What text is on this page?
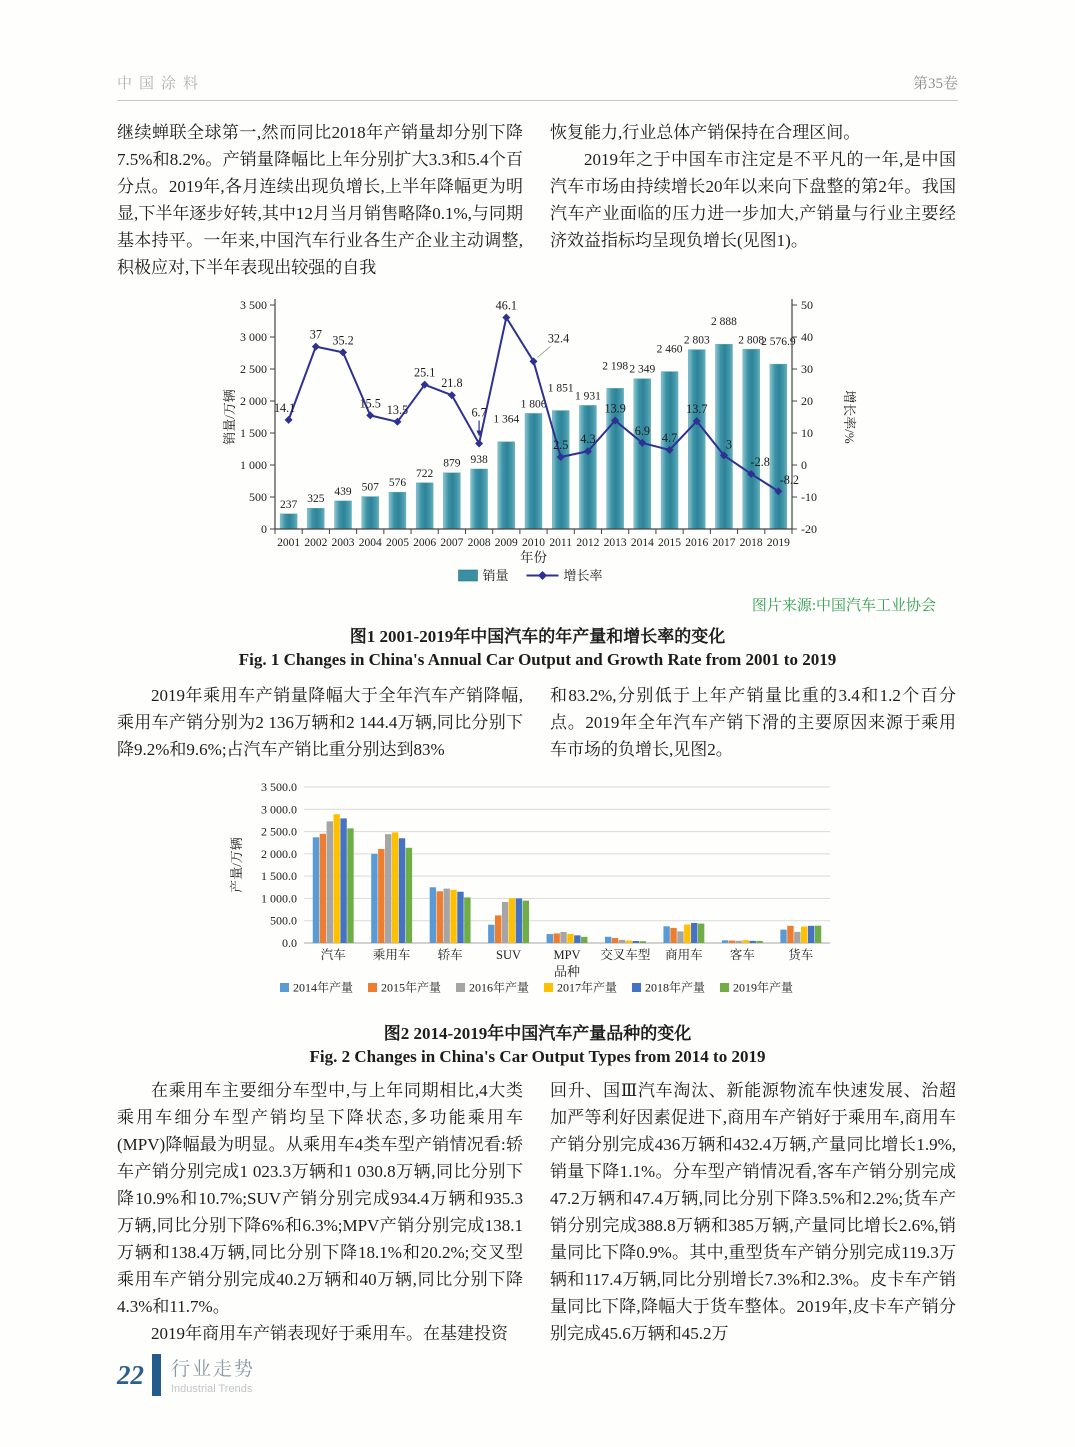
中国涂料	第35卷

继续蝉联全球第一,然而同比2018年产销量却分别下降7.5%和8.2%。产销量降幅比上年分别扩大3.3和5.4个百分点。2019年,各月连续出现负增长,上半年降幅更为明显,下半年逐步好转,其中12月当月销售略降0.1%,与同期基本持平。一年来,中国汽车行业各生产企业主动调整,积极应对,下半年表现出较强的自我

恢复能力,行业总体产销保持在合理区间。

2019年之于中国车市注定是不平凡的一年,是中国汽车市场由持续增长20年以来向下盘整的第2年。我国汽车产业面临的压力进一步加大,产销量与行业主要经济效益指标均呈现负增长(见图1)。

237 325
439 507 576
722
879 938
1 364
1 806
1 851
1 931
2 198 2 349
2 460
2 803
2 888
2 808
2 576.9
0
500
1 000
1 500
2 000
2 500
3 000
3 500
-20
-10
0
10
20
30
40
50
2001 2002 2003 2004 2005 2006 2007 2008 2009 2010 2011 2012 2013 2014 2015 2016 2017 2018 2019
年份
销量/万辆	增长率/%
14.1
37 35.2
15.5 13.5
25.1
21.8
6.7
46.1
32.4
2.5 4.3
13.9
6.9
4.7
13.7
3
-2.8
-8.2
销量	增长率
图片来源:中国汽车工业协会
图1 2001-2019年中国汽车的年产量和增长率的变化
Fig. 1 Changes in China's Annual Car Output and Growth Rate from 2001 to 2019

2019年乘用车产销量降幅大于全年汽车产销降幅,乘用车产销分别为2 136万辆和2 144.4万辆,同比分别下降9.2%和9.6%;占汽车产销比重分别达到83%

和83.2%,分别低于上年产销量比重的3.4和1.2个百分点。2019年全年汽车产销下滑的主要原因来源于乘用车市场的负增长,见图2。

0.0
500.0
1 000.0
1 500.0
2 000.0
2 500.0
3 000.0
3 500.0
汽车 乘用车 轿车	SUV	MPV 交叉车型 商用车 客车	货车
品种
产量/万辆
2014年产量 2015年产量 2016年产量 2017年产量 2018年产量 2019年产量
图2 2014-2019年中国汽车产量品种的变化
Fig. 2 Changes in China's Car Output Types from 2014 to 2019

在乘用车主要细分车型中,与上年同期相比,4大类乘用车细分车型产销均呈下降状态,多功能乘用车(MPV)降幅最为明显。从乘用车4类车型产销情况看:轿车产销分别完成1 023.3万辆和1 030.8万辆,同比分别下降10.9%和10.7%;SUV产销分别完成934.4万辆和935.3万辆,同比分别下降6%和6.3%;MPV产销分别完成138.1万辆和138.4万辆,同比分别下降18.1%和20.2%;交叉型乘用车产销分别完成40.2万辆和40万辆,同比分别下降4.3%和11.7%。

2019年商用车产销表现好于乘用车。在基建投资

回升、国Ⅲ汽车淘汰、新能源物流车快速发展、治超加严等利好因素促进下,商用车产销好于乘用车,商用车产销分别完成436万辆和432.4万辆,产量同比增长1.9%,销量下降1.1%。分车型产销情况看,客车产销分别完成47.2万辆和47.4万辆,同比分别下降3.5%和2.2%;货车产销分别完成388.8万辆和385万辆,产量同比增长2.6%,销量同比下降0.9%。其中,重型货车产销分别完成119.3万辆和117.4万辆,同比分别增长7.3%和2.3%。皮卡车产销量同比下降,降幅大于货车整体。2019年,皮卡车产销分别完成45.6万辆和45.2万

22 行业走势
Industrial Trends
